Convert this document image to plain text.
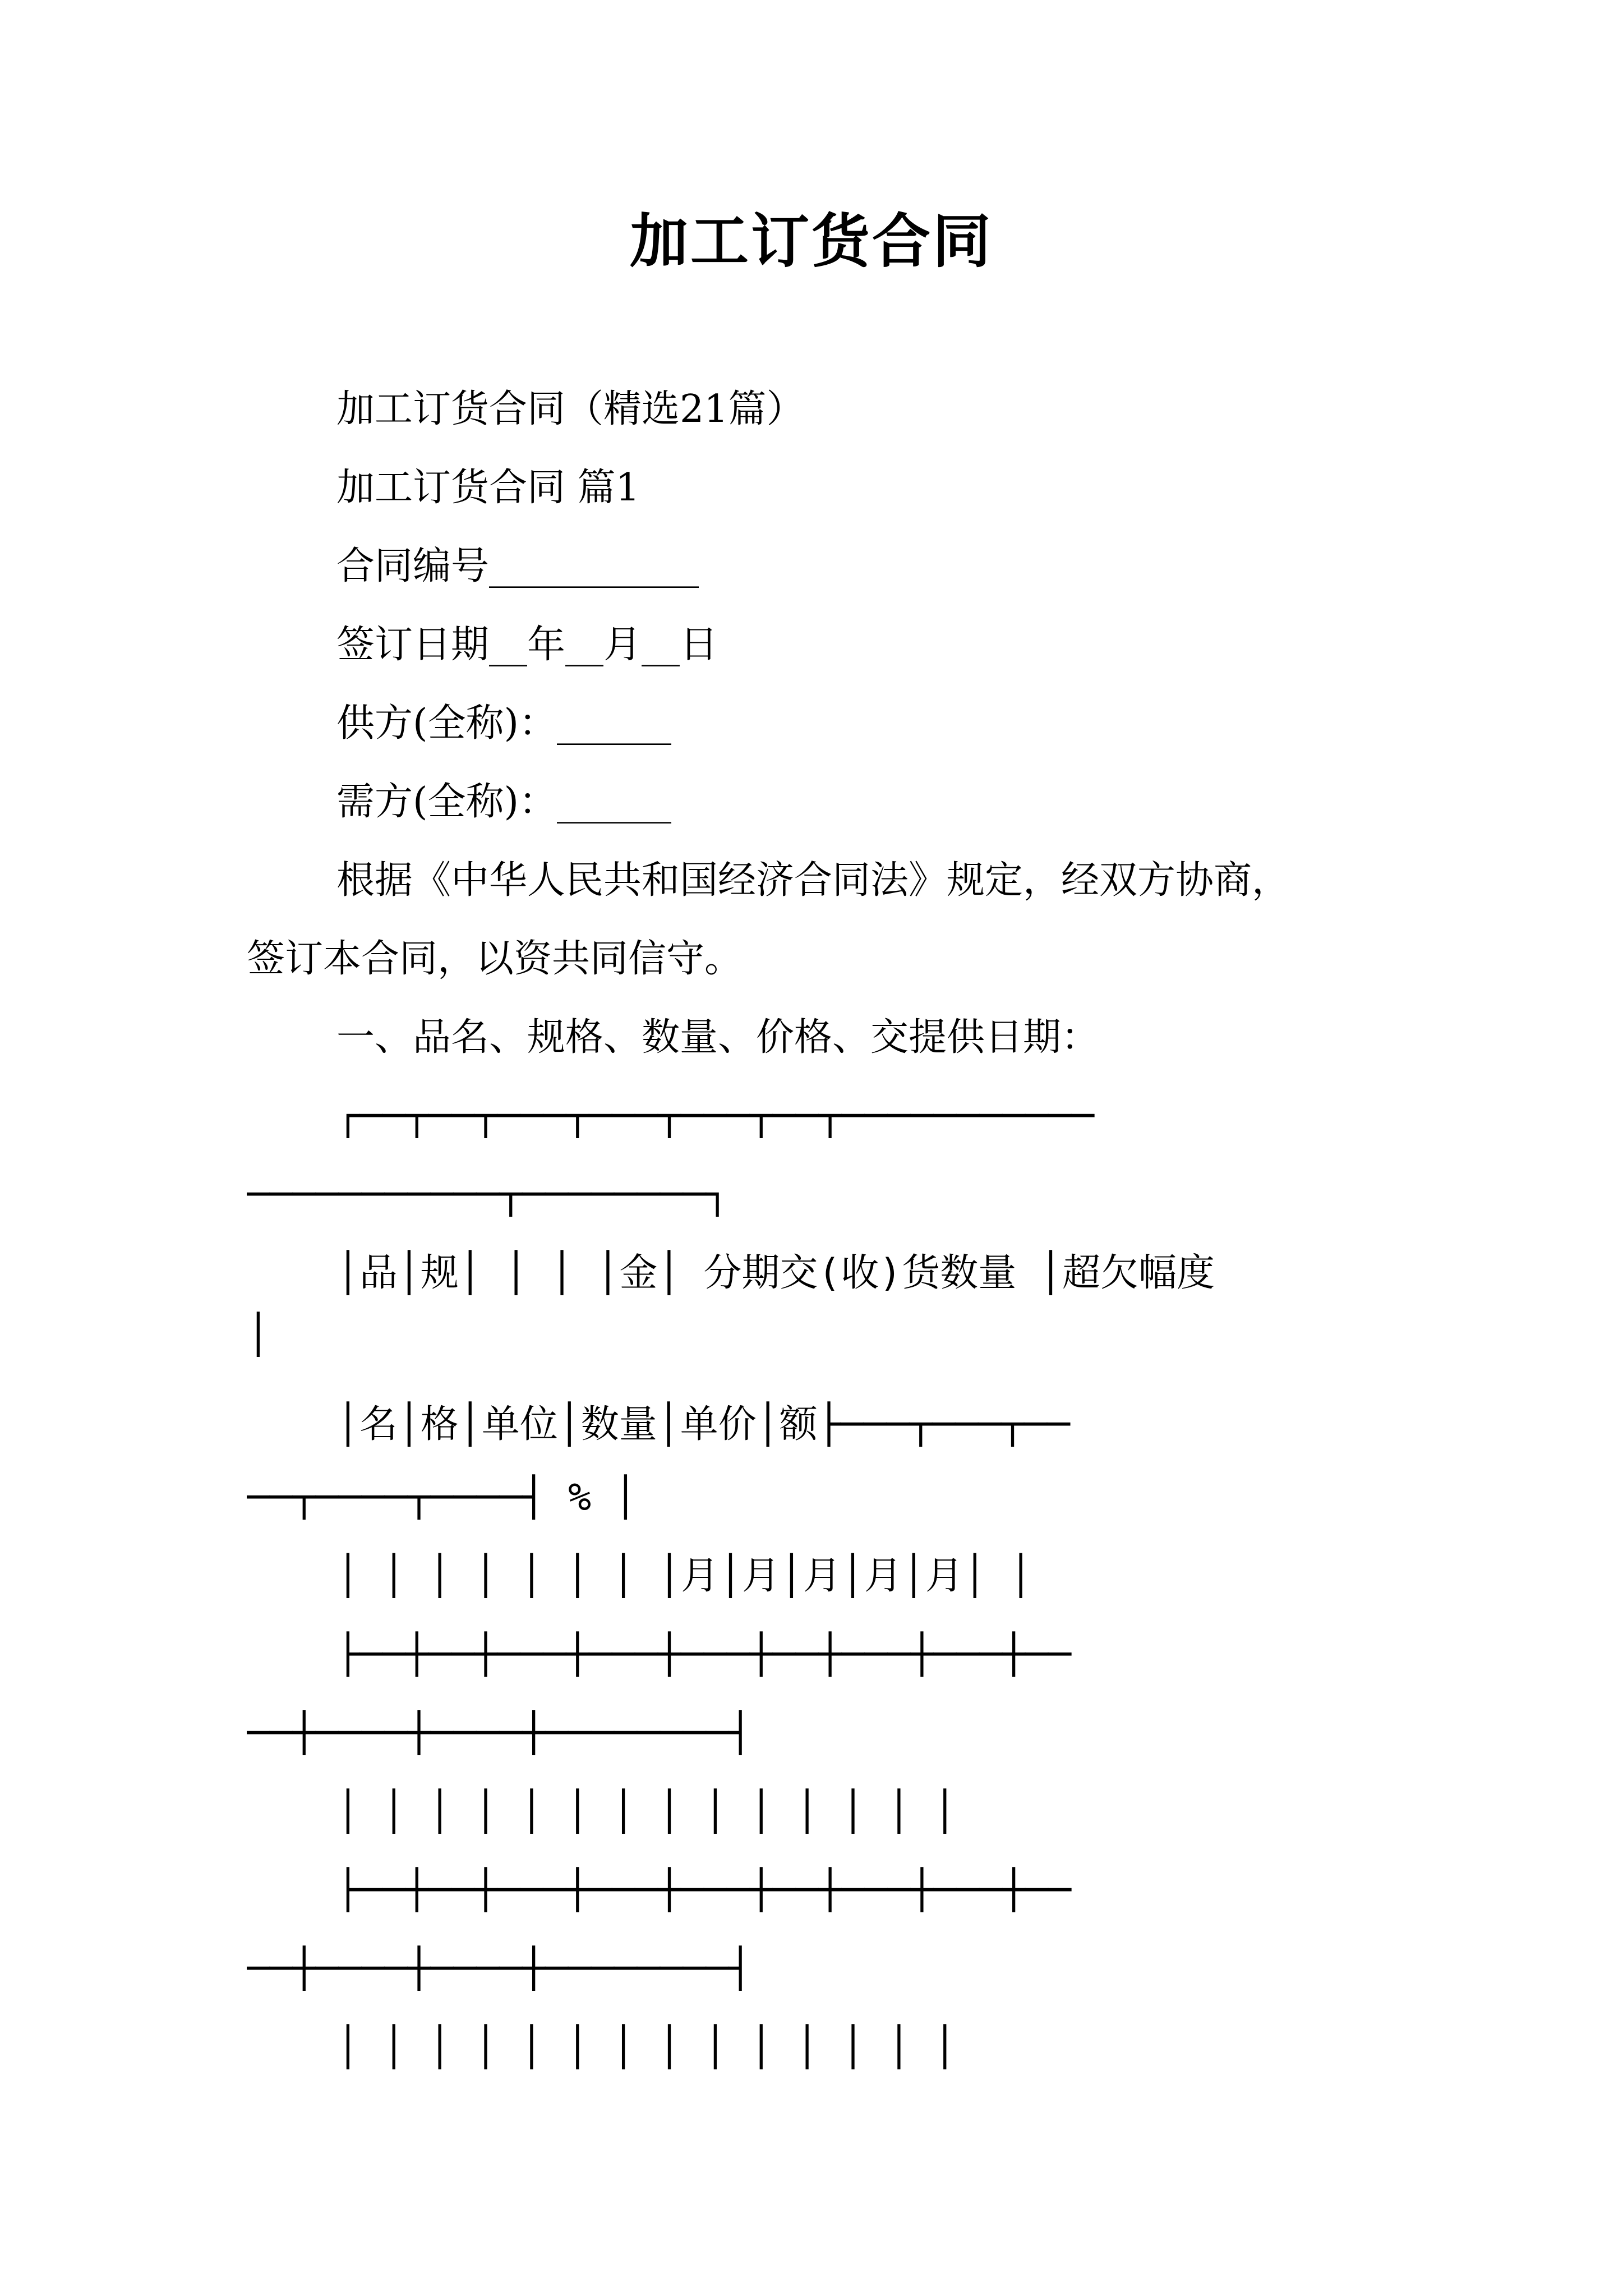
加工订货合同
加工订货合同（精选21篇）
加工订货合同 篇1
合同编号___________
签订日期__年__月__日
供方(全称)：______
需方(全称)：______
根据《中华人民共和国经济合同法》规定，经双方协商，
签订本合同，以资共同信守。
一、品名、规格、数量、价格、交提供日期：
┌──┬──┬───┬───┬───┬──┬───────────
───────────┬────────┐
│品│规│ │ │ │金│ 分期交(收)货数量 │超欠幅度
│
│名│格│单位│数量│单价│额├───┬───┬──
──┬────┬────┤ % │
│ │ │ │ │ │ │ │月│月│月│月│月│ │
├──┼──┼───┼───┼───┼──┼───┼───┼──
──┼────┼────┼────────┤
│ │ │ │ │ │ │ │ │ │ │ │ │ │
├──┼──┼───┼───┼───┼──┼───┼───┼──
──┼────┼────┼────────┤
│ │ │ │ │ │ │ │ │ │ │ │ │ │
